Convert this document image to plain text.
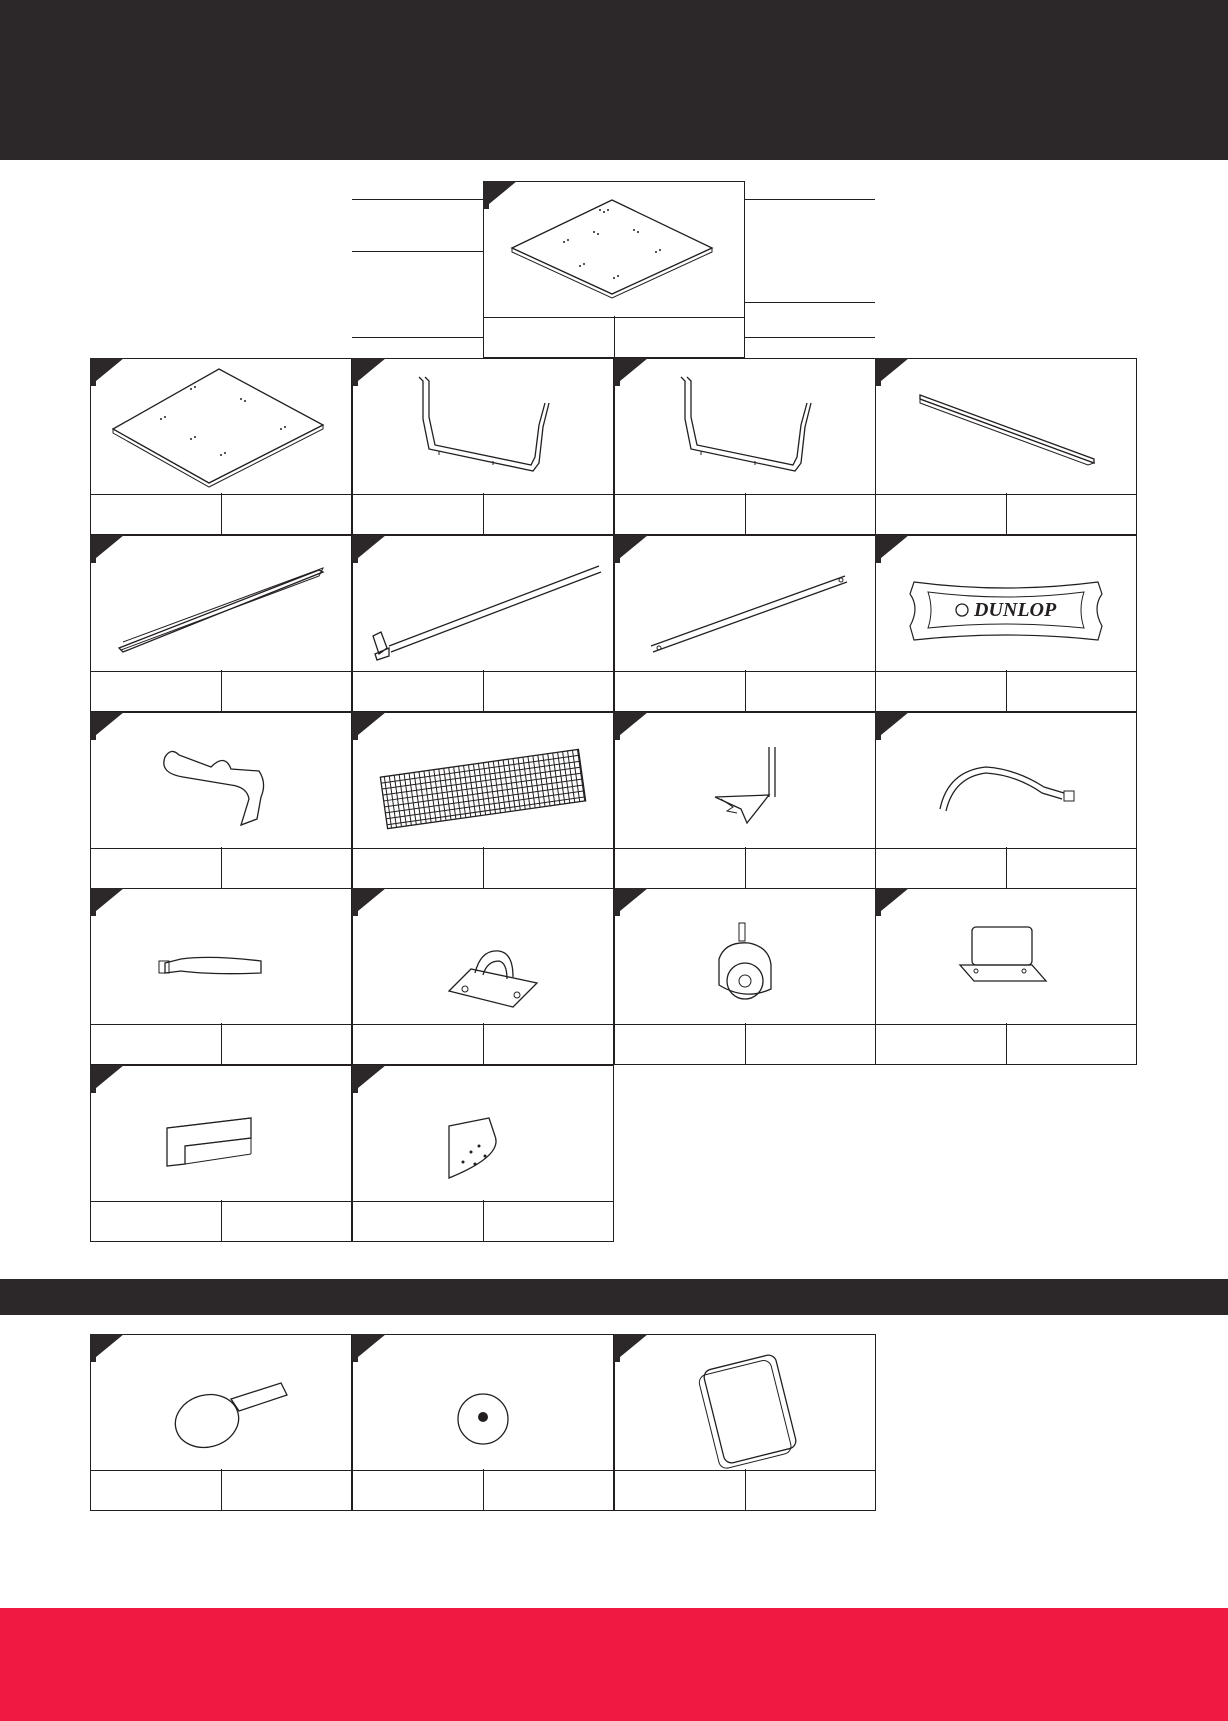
DUNLOP
